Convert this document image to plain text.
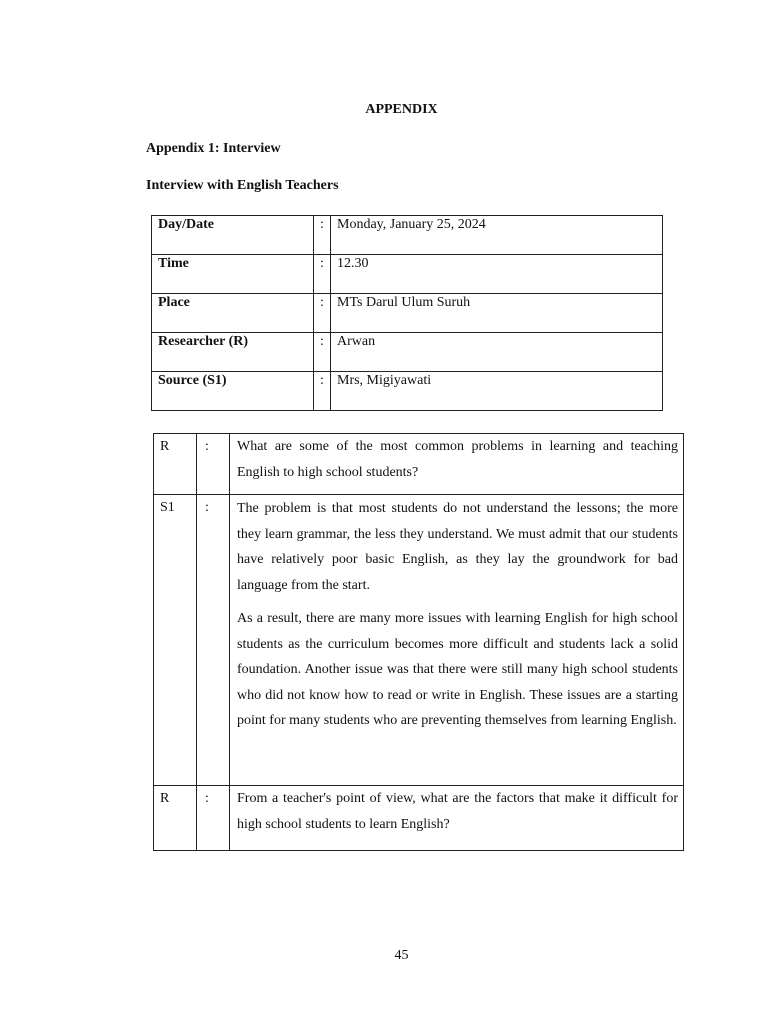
APPENDIX
Appendix 1: Interview
Interview with English Teachers
Day/Date	:	Monday, January 25, 2024
Time	:	12.30
Place	:	MTs Darul Ulum Suruh
Researcher (R)	:	Arwan
Source (S1)	:	Mrs, Migiyawati
R	:	What are some of the most common problems in learning and teaching English to high school students?

S1	:	The problem is that most students do not understand the lessons; the more they learn grammar, the less they understand. We must admit that our students have relatively poor basic English, as they lay the groundwork for bad language from the start.

As a result, there are many more issues with learning English for high school students as the curriculum becomes more difficult and students lack a solid foundation. Another issue was that there were still many high school students who did not know how to read or write in English. These issues are a starting point for many students who are preventing themselves from learning English.

R	:	From a teacher's point of view, what are the factors that make it difficult for high school students to learn English?

45
